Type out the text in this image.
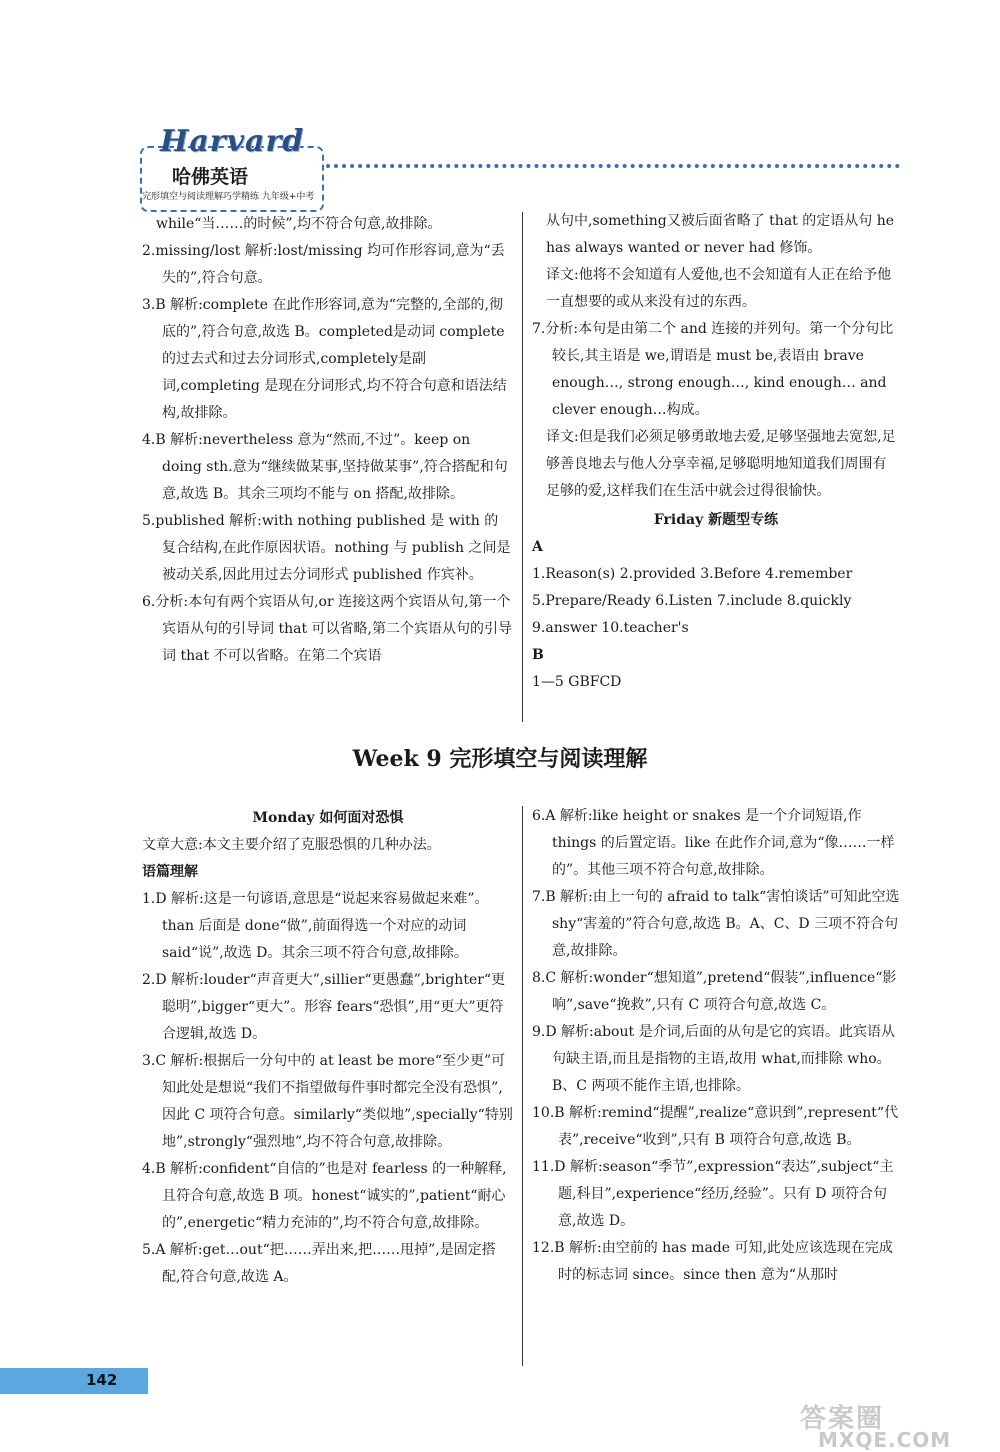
Harvard
哈佛英语
完形填空与阅读理解巧学精练 九年级+中考

while“当……的时候”,均不符合句意,故排除。

2.missing/lost 解析:lost/missing 均可作形容词,意为“丢失的”,符合句意。

3.B 解析:complete 在此作形容词,意为“完整的,全部的,彻底的”,符合句意,故选 B。completed是动词 complete 的过去式和过去分词形式,completely是副词,completing 是现在分词形式,均不符合句意和语法结构,故排除。

4.B 解析:nevertheless 意为“然而,不过”。keep on doing sth.意为“继续做某事,坚持做某事”,符合搭配和句意,故选 B。其余三项均不能与 on 搭配,故排除。

5.published 解析:with nothing published 是 with 的复合结构,在此作原因状语。nothing 与 publish 之间是被动关系,因此用过去分词形式 published 作宾补。

6.分析:本句有两个宾语从句,or 连接这两个宾语从句,第一个宾语从句的引导词 that 可以省略,第二个宾语从句的引导词 that 不可以省略。在第二个宾语

从句中,something又被后面省略了 that 的定语从句 he has always wanted or never had 修饰。

译文:他将不会知道有人爱他,也不会知道有人正在给予他一直想要的或从来没有过的东西。

7.分析:本句是由第二个 and 连接的并列句。第一个分句比较长,其主语是 we,谓语是 must be,表语由 brave enough…, strong enough…, kind enough… and clever enough…构成。

译文:但是我们必须足够勇敢地去爱,足够坚强地去宽恕,足够善良地去与他人分享幸福,足够聪明地知道我们周围有足够的爱,这样我们在生活中就会过得很愉快。

Friday 新题型专练

A

1.Reason(s) 2.provided 3.Before 4.remember

5.Prepare/Ready 6.Listen 7.include 8.quickly

9.answer 10.teacher's

B

1—5 GBFCD

Week 9 完形填空与阅读理解

Monday 如何面对恐惧

文章大意:本文主要介绍了克服恐惧的几种办法。

语篇理解

1.D 解析:这是一句谚语,意思是“说起来容易做起来难”。than 后面是 done“做”,前面得选一个对应的动词 said“说”,故选 D。其余三项不符合句意,故排除。

2.D 解析:louder“声音更大”,sillier“更愚蠢”,brighter“更聪明”,bigger“更大”。形容 fears“恐惧”,用“更大”更符合逻辑,故选 D。

3.C 解析:根据后一分句中的 at least be more“至少更”可知此处是想说“我们不指望做每件事时都完全没有恐惧”,因此 C 项符合句意。similarly“类似地”,specially“特别地”,strongly“强烈地”,均不符合句意,故排除。

4.B 解析:confident“自信的”也是对 fearless 的一种解释,且符合句意,故选 B 项。honest“诚实的”,patient“耐心的”,energetic“精力充沛的”,均不符合句意,故排除。

5.A 解析:get…out“把……弄出来,把……甩掉”,是固定搭配,符合句意,故选 A。

6.A 解析:like height or snakes 是一个介词短语,作 things 的后置定语。like 在此作介词,意为“像……一样的”。其他三项不符合句意,故排除。

7.B 解析:由上一句的 afraid to talk“害怕谈话”可知此空选 shy“害羞的”符合句意,故选 B。A、C、D 三项不符合句意,故排除。

8.C 解析:wonder“想知道”,pretend“假装”,influence“影响”,save“挽救”,只有 C 项符合句意,故选 C。

9.D 解析:about 是介词,后面的从句是它的宾语。此宾语从句缺主语,而且是指物的主语,故用 what,而排除 who。B、C 两项不能作主语,也排除。

10.B 解析:remind“提醒”,realize“意识到”,represent“代表”,receive“收到”,只有 B 项符合句意,故选 B。

11.D 解析:season“季节”,expression“表达”,subject“主题,科目”,experience“经历,经验”。只有 D 项符合句意,故选 D。

12.B 解析:由空前的 has made 可知,此处应该选现在完成时的标志词 since。since then 意为“从那时

142
答案圈
MXQE.COM
